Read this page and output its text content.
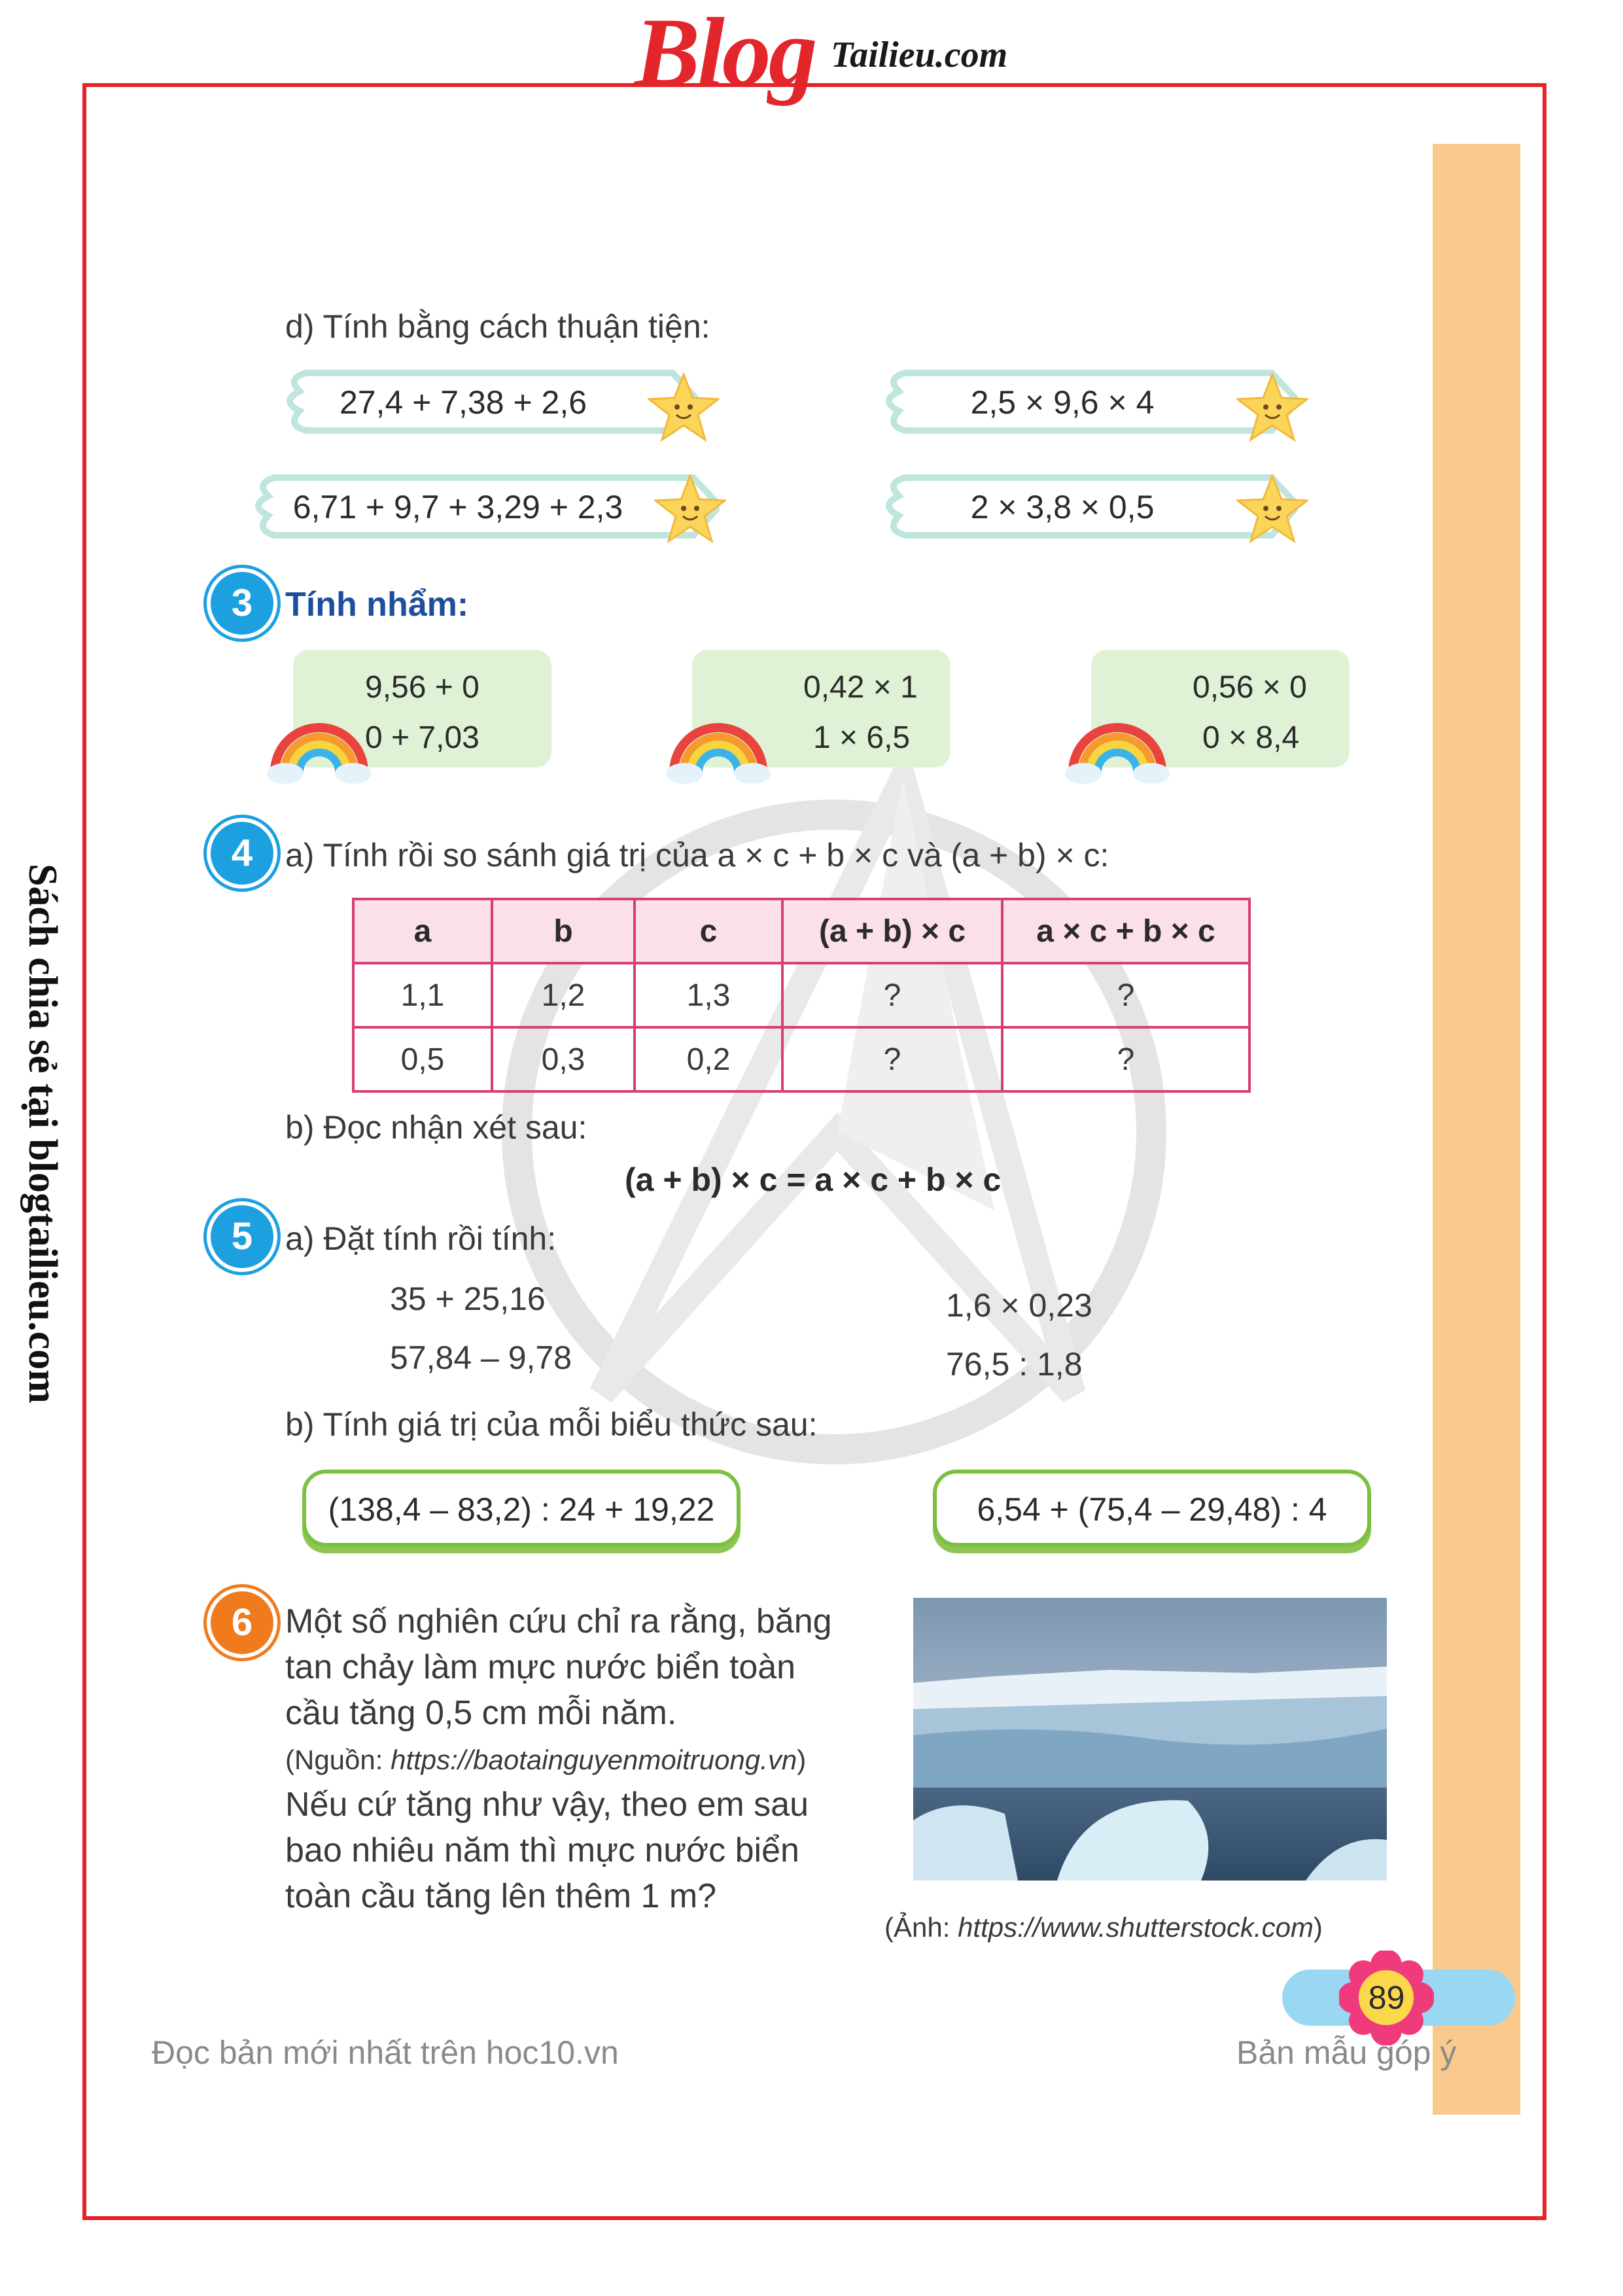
Blog Tailieu.com
Sách chia sẻ tại blogtailieu.com
d) Tính bằng cách thuận tiện:
27,4 + 7,38 + 2,6	2,5 × 9,6 × 4
6,71 + 9,7 + 3,29 + 2,3	2 × 3,8 × 0,5
3 Tính nhẩm:
9,56 + 0
0 + 7,03
0,42 × 1
1 × 6,5
0,56 × 0
0 × 8,4
4 a) Tính rồi so sánh giá trị của a × c + b × c và (a + b) × c:
a	b	c	(a + b) × c	a × c + b × c
1,1	1,2	1,3	?	?
0,5	0,3	0,2	?	?
b) Đọc nhận xét sau:
(a + b) × c = a × c + b × c
5 a) Đặt tính rồi tính:
35 + 25,16
57,84 – 9,78
1,6 × 0,23
76,5 : 1,8
b) Tính giá trị của mỗi biểu thức sau:
(138,4 – 83,2) : 24 + 19,22	6,54 + (75,4 – 29,48) : 4
6 Một số nghiên cứu chỉ ra rằng, băng
tan chảy làm mực nước biển toàn
cầu tăng 0,5 cm mỗi năm.
(Nguồn: https://baotainguyenmoitruong.vn)
Nếu cứ tăng như vậy, theo em sau
bao nhiêu năm thì mực nước biển
toàn cầu tăng lên thêm 1 m?
(Ảnh: https://www.shutterstock.com)
89
Đọc bản mới nhất trên hoc10.vn	Bản mẫu góp ý
